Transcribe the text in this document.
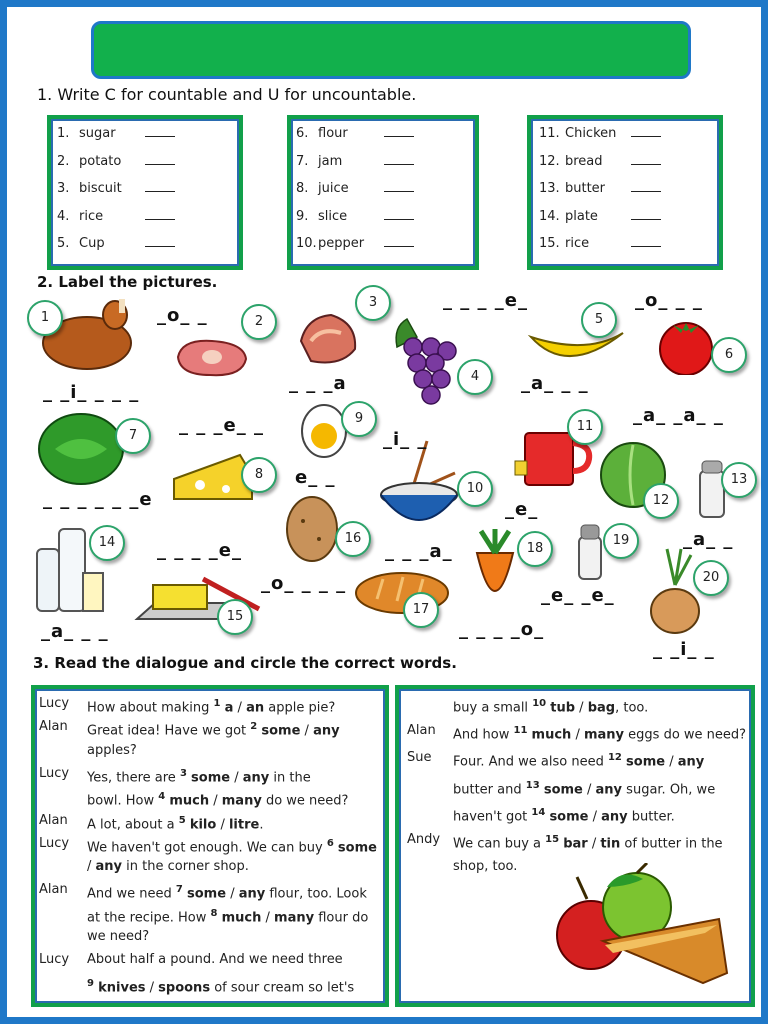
1. Write C for countable and U for uncountable.
1. sugar
2. potato
3. biscuit
4. rice
5. Cup
6. flour
7. jam
8. juice
9. slice
10.pepper
11. Chicken
12. bread
13. butter
14. plate
15. rice
2. Label the pictures.
_o_ _
_ _ _ _e_	_o_ _ _
_ _i_ _ _ _	_ _ _a	_a_ _ _
_ _ _e_ _	_a_ _a_ _
_i_ _
e_ _
_ _ _ _ _ _e	_e_
_ _ _ _e_	_ _ _a_
_a_ _
_o_ _ _ _
_e_ _e_
_a_ _ _	_ _ _ _o_
_ _i_ _
1	2
3
4
5
6
7
8
9
10
11
12
13
14
15
16
17
18
19
20
3. Read the dialogue and circle the correct words.
Lucy	How about making $^1$ a / an apple pie?
Alan	Great idea! Have we got $^2$ some / any
apples?
Lucy	Yes, there are $^3$ some / any in the
bowl. How $^4$ much / many do we need?
Alan	A lot, about a $^5$ kilo / litre.
Lucy	We haven't got enough. We can buy $^6$ some
/ any in the corner shop.
Alan	And we need $^7$ some / any flour, too. Look
at the recipe. How $^8$ much / many flour do
we need?
Lucy	About half a pound. And we need three
$^9$ knives / spoons of sour cream so let's
buy a small $^{10}$ tub / bag, too.
Alan	And how $^{11}$ much / many eggs do we need?
Sue	Four. And we also need $^{12}$ some / any
butter and $^{13}$ some / any sugar. Oh, we
haven't got $^{14}$ some / any butter.
Andy We can buy a $^{15}$ bar / tin of butter in the
shop, too.
